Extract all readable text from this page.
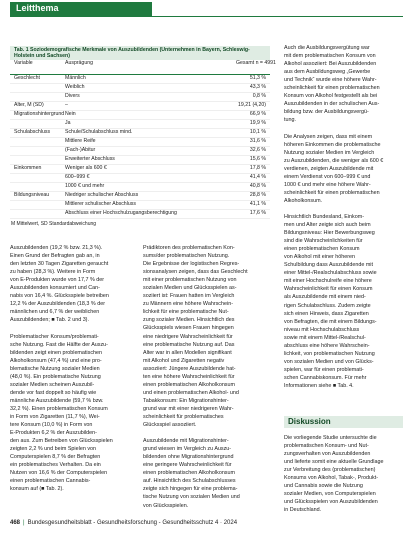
Leitthema
Tab. 1 Soziodemografische Merkmale von Auszubildenden (Unternehmen in Bayern, Schleswig-Holstein und Sachsen)
Variable	Ausprägung	Gesamt n = 4991
Geschlecht	Männlich	51,3 %
Weiblich	43,3 %
Divers	0,8 %
Alter, M (SD)	–	19,21 (4,20)
Migrationshintergrund Nein	66,9 %
Ja	19,9 %
Schulabschluss	Schule/Schulabschluss mind.	10,1 %
Mittlere Reife	31,6 %
(Fach-)Abitur	32,6 %
Erweiterter Abschluss	15,6 %
Einkommen	Weniger als 600 €	17,8 %
600–999 €	41,4 %
1000 € und mehr	40,8 %
Bildungsniveau	Niedriger schulischer Abschluss	28,8 %
Mittlerer schulischer Abschluss	41,1 %
Abschluss einer Hochschulzugangsberechtigung	17,6 %
M Mittelwert, SD Standardabweichung
Auszubildenden (19,2 % bzw. 21,3 %).
Einen Grund der Befragten gab an, in
den letzten 30 Tagen Zigaretten geraucht
zu haben (28,3 %). Weitere in Form
von E-Produkten wurde von 17,7 % der
Auszubildenden konsumiert und Can-
nabis von 16,4 %. Glücksspiele betreiben
12,2 % der Auszubildenden (18,3 % der
männlichen und 6,7 % der weiblichen
Auszubildenden; ■ Tab. 2 und 3).

Problematischer Konsum/problemati-
sche Nutzung. Fast die Hälfte der Auszu-
bildenden zeigt einen problematischen
Alkoholkonsum (47,4 %) und eine pro-
blematische Nutzung sozialer Medien
(48,0 %). Ein problematische Nutzung
sozialer Medien scheinen Auszubil-
dende vor fast doppelt so häufig wie
männliche Auszubildende (59,7 % bzw.
32,2 %). Einen problematischen Konsum
in Form von Zigaretten (11,7 %), Wei-
tere Konsum (10,0 %) in Form von
E-Produkten 6,2 % der Auszubilden-
den aus. Zum Betreiben von Glücksspielen
zeigten 2,2 % und beim Spielen von
Computerspielen 8,7 % der Befragten
ein problematisches Verhalten. Da ein
Nutzen von 16,6 % der Computerspielen
einen problematischen Cannabis-
konsum auf (■ Tab. 2).
Prädiktoren des problematischen Kon-
sums/der problematischen Nutzung.
Die Ergebnisse der logistischen Regres-
sionsanalysen zeigen, dass das Geschlecht
mit einer problematischen Nutzung von
sozialen Medien und Glücksspielen as-
soziiert ist: Frauen hatten im Vergleich
zu Männern eine höhere Wahrschein-
lichkeit für eine problematische Nut-
zung sozialer Medien. Hinsichtlich des
Glücksspiels wiesen Frauen hingegen
eine niedrigere Wahrscheinlichkeit für
eine problematische Nutzung auf. Das
Alter war in allen Modellen signifikant
mit Alkohol und Zigaretten negativ
assoziiert: Jüngere Auszubildende hat-
ten eine höhere Wahrscheinlichkeit für
einen problematischen Alkoholkonsum
und einen problematischen Alkohol- und
Tabakkonsum: Ein Migrationshinter-
grund war mit einer niedrigeren Wahr-
scheinlichkeit für problematisches
Glücksspiel assoziiert.

Auszubildende mit Migrationshinter-
grund wiesen im Vergleich zu Auszu-
bildenden ohne Migrationshintergrund
eine geringere Wahrscheinlichkeit für
einen problematischen Alkoholkonsum
auf. Hinsichtlich des Schulabschlusses
zeigte sich hingegen für eine problema-
tische Nutzung von sozialen Medien und
von Glücksspielen.
Auch die Ausbildungsvergütung war
mit dem problematischen Konsum von
Alkohol assoziiert: Bei Auszubildenden
aus dem Ausbildungsweg „Gewerbe
und Technik“ wurde eine höhere Wahr-
scheinlichkeit für einen problematischen
Konsum von Alkohol festgestellt als bei
Auszubildenden in der schulischen Aus-
bildung bzw. der Ausbildungsvergü-
tung.

Die Analysen zeigen, dass mit einem
höheren Einkommen die problematische
Nutzung sozialer Medien im Vergleich
zu Auszubildenden, die weniger als 600 €
verdienen, zeigten Auszubildende mit
einem Verdienst von 600–999 € und
1000 € und mehr eine höhere Wahr-
scheinlichkeit für einen problematischen
Alkoholkonsum.

Hinsichtlich Bundesland, Einkom-
men und Alter zeigte sich auch beim
Bildungsniveau: Hier Bewerbungsweg
sind die Wahrscheinlichkeiten für
einen problematischen Konsum
von Alkohol mit einer höheren
Schulbildung dass Auszubildende mit
einer Mittel-/Realschulabschluss sowie
mit einer Hochschulreife eine höhere
Wahrscheinlichkeit für einen Konsum
als Auszubildende mit einem nied-
rigen Schulabschluss. Zudem zeigte
sich einen Hinweis, dass Zigaretten
von Befragten, die mit einem Bildungs-
niveau mit Hochschulabschluss
sowie mit einem Mittel-/Realschul-
abschluss eine höhere Wahrschein-
lichkeit, von problematischen Nutzung
von sozialen Medien und von Glücks-
spielen, war für einen problemati-
schen Cannabiskonsum. Für mehr
Informationen siehe ■ Tab. 4.
Diskussion
Die vorliegende Studie untersuchte die
problematischen Konsum- und Nut-
zungsverhalten von Auszubildenden
und lieferte somit eine aktuelle Grundlage
zur Verbreitung des (problematischen)
Konsums von Alkohol, Tabak-, Produkt-
und Cannabis sowie die Nutzung
sozialer Medien, von Computerspielen
und Glücksspielen von Auszubildenden
in Deutschland.
468 | Bundesgesundheitsblatt - Gesundheitsforschung - Gesundheitsschutz 4 · 2024
